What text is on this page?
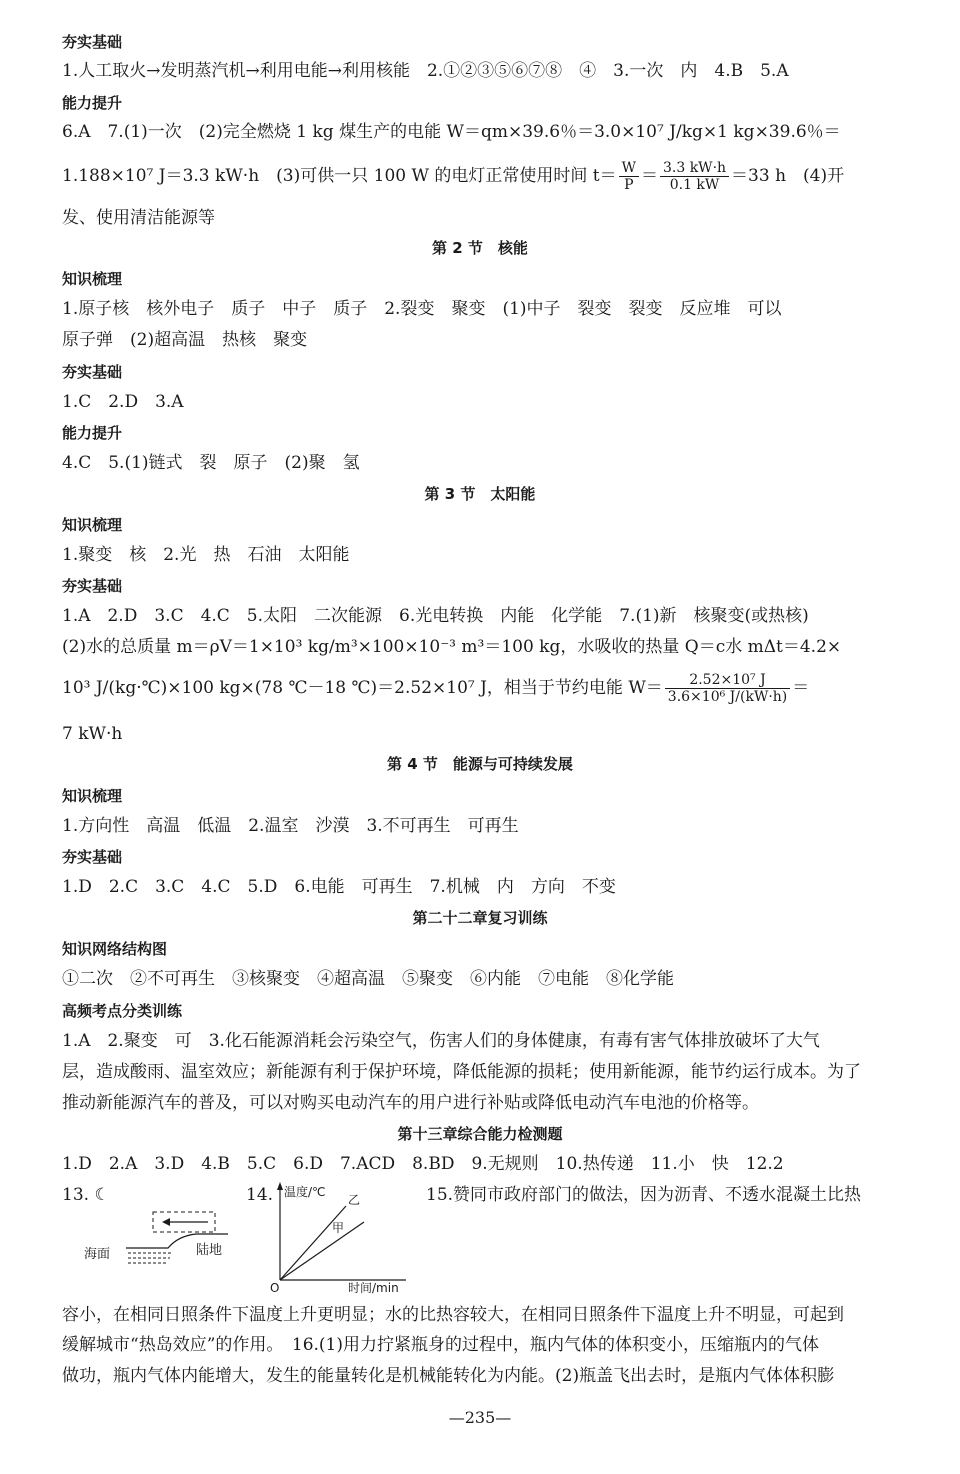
夯实基础
1.人工取火→发明蒸汽机→利用电能→利用核能　2.①②③⑤⑥⑦⑧　④　3.一次　内　4.B　5.A
能力提升
6.A　7.(1)一次　(2)完全燃烧 1 kg 煤生产的电能 W＝qm×39.6％＝3.0×10⁷ J/kg×1 kg×39.6％＝
1.188×10⁷ J＝3.3 kW·h　(3)可供一只 100 W 的电灯正常使用时间 $t= \frac{W}{P} = \frac{3.3 kW\cdot h}{0.1 kW} =33$ h　(4)开
发、使用清洁能源等
第 2 节　核能
知识梳理
1.原子核　核外电子　质子　中子　质子　2.裂变　聚变　(1)中子　裂变　裂变　反应堆　可以
原子弹　(2)超高温　热核　聚变
夯实基础
1.C　2.D　3.A
能力提升
4.C　5.(1)链式　裂　原子　(2)聚　氢
第 3 节　太阳能
知识梳理
1.聚变　核　2.光　热　石油　太阳能
夯实基础
1.A　2.D　3.C　4.C　5.太阳　二次能源　6.光电转换　内能　化学能　7.(1)新　核聚变(或热核)
(2)水的总质量 m＝ρV＝1×10³ kg/m³×100×10⁻³ m³＝100 kg，水吸收的热量 Q＝c水 mΔt＝4.2×
10³ J/(kg·℃)×100 kg×(78 ℃－18 ℃)＝2.52×10⁷ J，相当于节约电能 $W= \frac{\text{2.52×10⁷ J}}{\text{3.6×10⁶ J/(kW·h)}}$ ＝
7 kW·h
第 4 节　能源与可持续发展
知识梳理
1.方向性　高温　低温　2.温室　沙漠　3.不可再生　可再生
夯实基础
1.D　2.C　3.C　4.C　5.D　6.电能　可再生　7.机械　内　方向　不变
第二十二章复习训练
知识网络结构图
①二次　②不可再生　③核聚变　④超高温　⑤聚变　⑥内能　⑦电能　⑧化学能
高频考点分类训练
1.A　2.聚变　可　3.化石能源消耗会污染空气，伤害人们的身体健康，有毒有害气体排放破坏了大气
层，造成酸雨、温室效应；新能源有利于保护环境，降低能源的损耗；使用新能源，能节约运行成本。为了
推动新能源汽车的普及，可以对购买电动汽车的用户进行补贴或降低电动汽车电池的价格等。
第十三章综合能力检测题
1.D　2.A　3.D　4.B　5.C　6.D　7.ACD　8.BD　9.无规则　10.热传递　11.小　快　12.2
13. ☾
海面	陆地
14. 温度/℃
乙
甲
O	时间/min
15.赞同市政府部门的做法，因为沥青、不透水混凝土比热
容小，在相同日照条件下温度上升更明显；水的比热容较大，在相同日照条件下温度上升不明显，可起到
缓解城市“热岛效应”的作用。　16.(1)用力拧紧瓶身的过程中，瓶内气体的体积变小，压缩瓶内的气体
做功，瓶内气体内能增大，发生的能量转化是机械能转化为内能。(2)瓶盖飞出去时，是瓶内气体体积膨
—235—
